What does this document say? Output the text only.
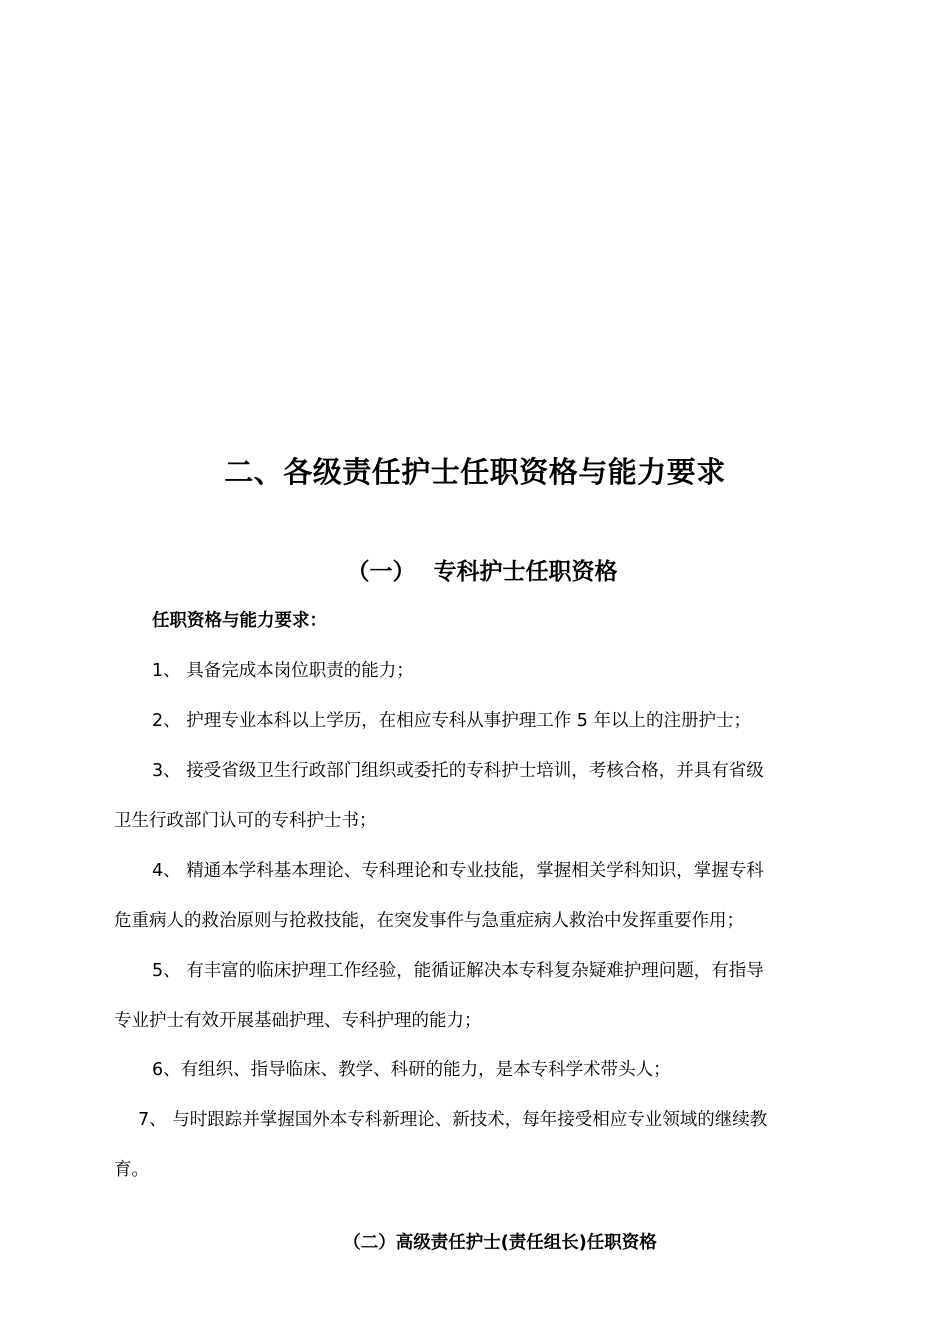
二、各级责任护士任职资格与能力要求
（一） 专科护士任职资格
任职资格与能力要求：
1、 具备完成本岗位职责的能力；
2、 护理专业本科以上学历，在相应专科从事护理工作 5 年以上的注册护士；
3、 接受省级卫生行政部门组织或委托的专科护士培训，考核合格，并具有省级
卫生行政部门认可的专科护士书；
4、 精通本学科基本理论、专科理论和专业技能，掌握相关学科知识，掌握专科
危重病人的救治原则与抢救技能，在突发事件与急重症病人救治中发挥重要作用；
5、 有丰富的临床护理工作经验，能循证解决本专科复杂疑难护理问题，有指导
专业护士有效开展基础护理、专科护理的能力；
6、有组织、指导临床、教学、科研的能力，是本专科学术带头人；
7、 与时跟踪并掌握国外本专科新理论、新技术，每年接受相应专业领域的继续教
育。
（二）高级责任护士(责任组长)任职资格
